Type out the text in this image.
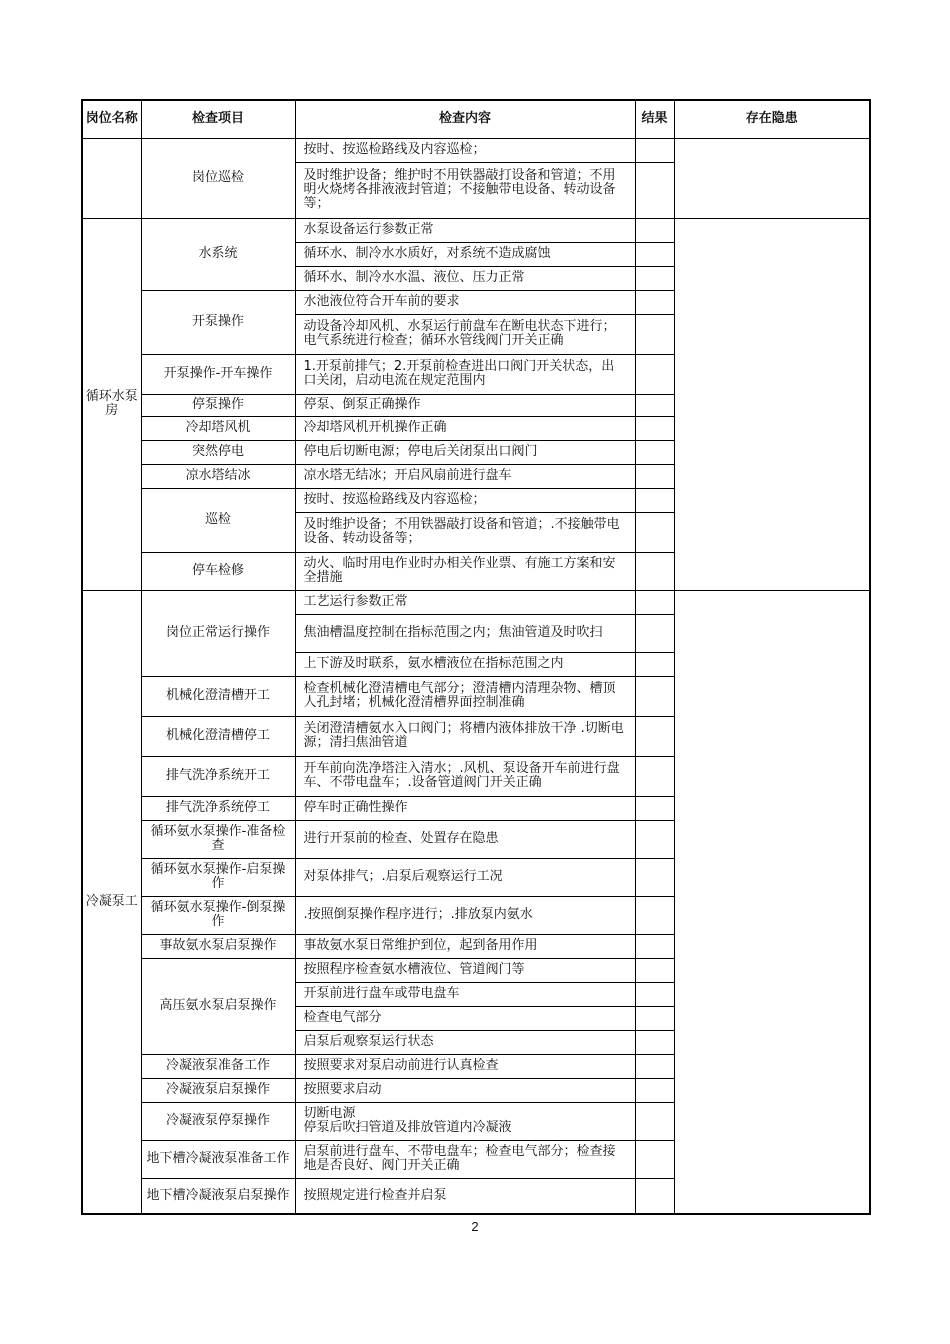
岗位名称	检查项目	检查内容	结果	存在隐患
	岗位巡检	按时、按巡检路线及内容巡检；		
		及时维护设备；维护时不用铁器敲打设备和管道；不用明火烧烤各排液液封管道；不接触带电设备、转动设备等；		
循环水泵房	水系统	水泵设备运行参数正常		
		循环水、制冷水水质好，对系统不造成腐蚀		
		循环水、制冷水水温、液位、压力正常		
	开泵操作	水池液位符合开车前的要求		
		动设备冷却风机、水泵运行前盘车在断电状态下进行；电气系统进行检查；循环水管线阀门开关正确		
	开泵操作-开车操作	1.开泵前排气；2.开泵前检查进出口阀门开关状态，出口关闭，启动电流在规定范围内		
	停泵操作	停泵、倒泵正确操作		
	冷却塔风机	冷却塔风机开机操作正确		
	突然停电	停电后切断电源；停电后关闭泵出口阀门		
	凉水塔结冰	凉水塔无结冰；开启风扇前进行盘车		
	巡检	按时、按巡检路线及内容巡检；		
		及时维护设备；不用铁器敲打设备和管道；.不接触带电设备、转动设备等；		
	停车检修	动火、临时用电作业时办相关作业票、有施工方案和安全措施		
冷凝泵工	岗位正常运行操作	工艺运行参数正常		
		焦油槽温度控制在指标范围之内；焦油管道及时吹扫		
		上下游及时联系，氨水槽液位在指标范围之内		
	机械化澄清槽开工	检查机械化澄清槽电气部分；澄清槽内清理杂物、槽顶人孔封堵；机械化澄清槽界面控制准确		
	机械化澄清槽停工	关闭澄清槽氨水入口阀门；将槽内液体排放干净 .切断电源；清扫焦油管道		
	排气洗净系统开工	开车前向洗净塔注入清水；.风机、泵设备开车前进行盘车、不带电盘车；.设备管道阀门开关正确		
	排气洗净系统停工	停车时正确性操作		
	循环氨水泵操作-准备检查	进行开泵前的检查、处置存在隐患		
	循环氨水泵操作-启泵操作	对泵体排气；.启泵后观察运行工况		
	循环氨水泵操作-倒泵操作	.按照倒泵操作程序进行；.排放泵内氨水		
	事故氨水泵启泵操作	事故氨水泵日常维护到位，起到备用作用		
	高压氨水泵启泵操作	按照程序检查氨水槽液位、管道阀门等		
		开泵前进行盘车或带电盘车		
		检查电气部分		
		启泵后观察泵运行状态		
	冷凝液泵准备工作	按照要求对泵启动前进行认真检查		
	冷凝液泵启泵操作	按照要求启动		
	冷凝液泵停泵操作	切断电源
停泵后吹扫管道及排放管道内冷凝液		
	地下槽冷凝液泵准备工作	启泵前进行盘车、不带电盘车；检查电气部分；检查接地是否良好、阀门开关正确		
	地下槽冷凝液泵启泵操作	按照规定进行检查并启泵		
2
